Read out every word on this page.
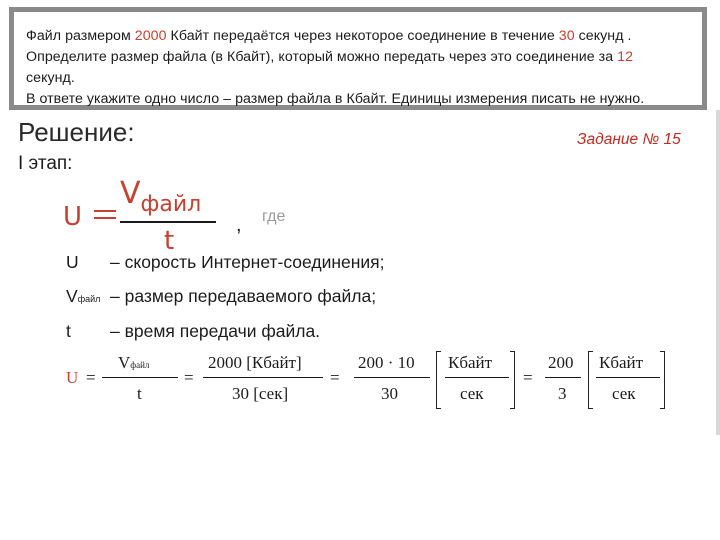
Файл размером 2000 Кбайт передаётся через некоторое соединение в течение 30 секунд .
Определите размер файла (в Кбайт), который можно передать через это соединение за 12
секунд.
В ответе укажите одно число – размер файла в Кбайт. Единицы измерения писать не нужно.
Решение:
I этап:
Задание № 15
U
Vфайл
t
, где
U – скорость Интернет-соединения;
Vфайл – размер передаваемого файла;
t – время передачи файла.
U =
Vфайл
t
=
2000 [Кбайт]
30 [сек]
=
200 · 10
30
Кбайт
сек
=
200
3
Кбайт
сек
